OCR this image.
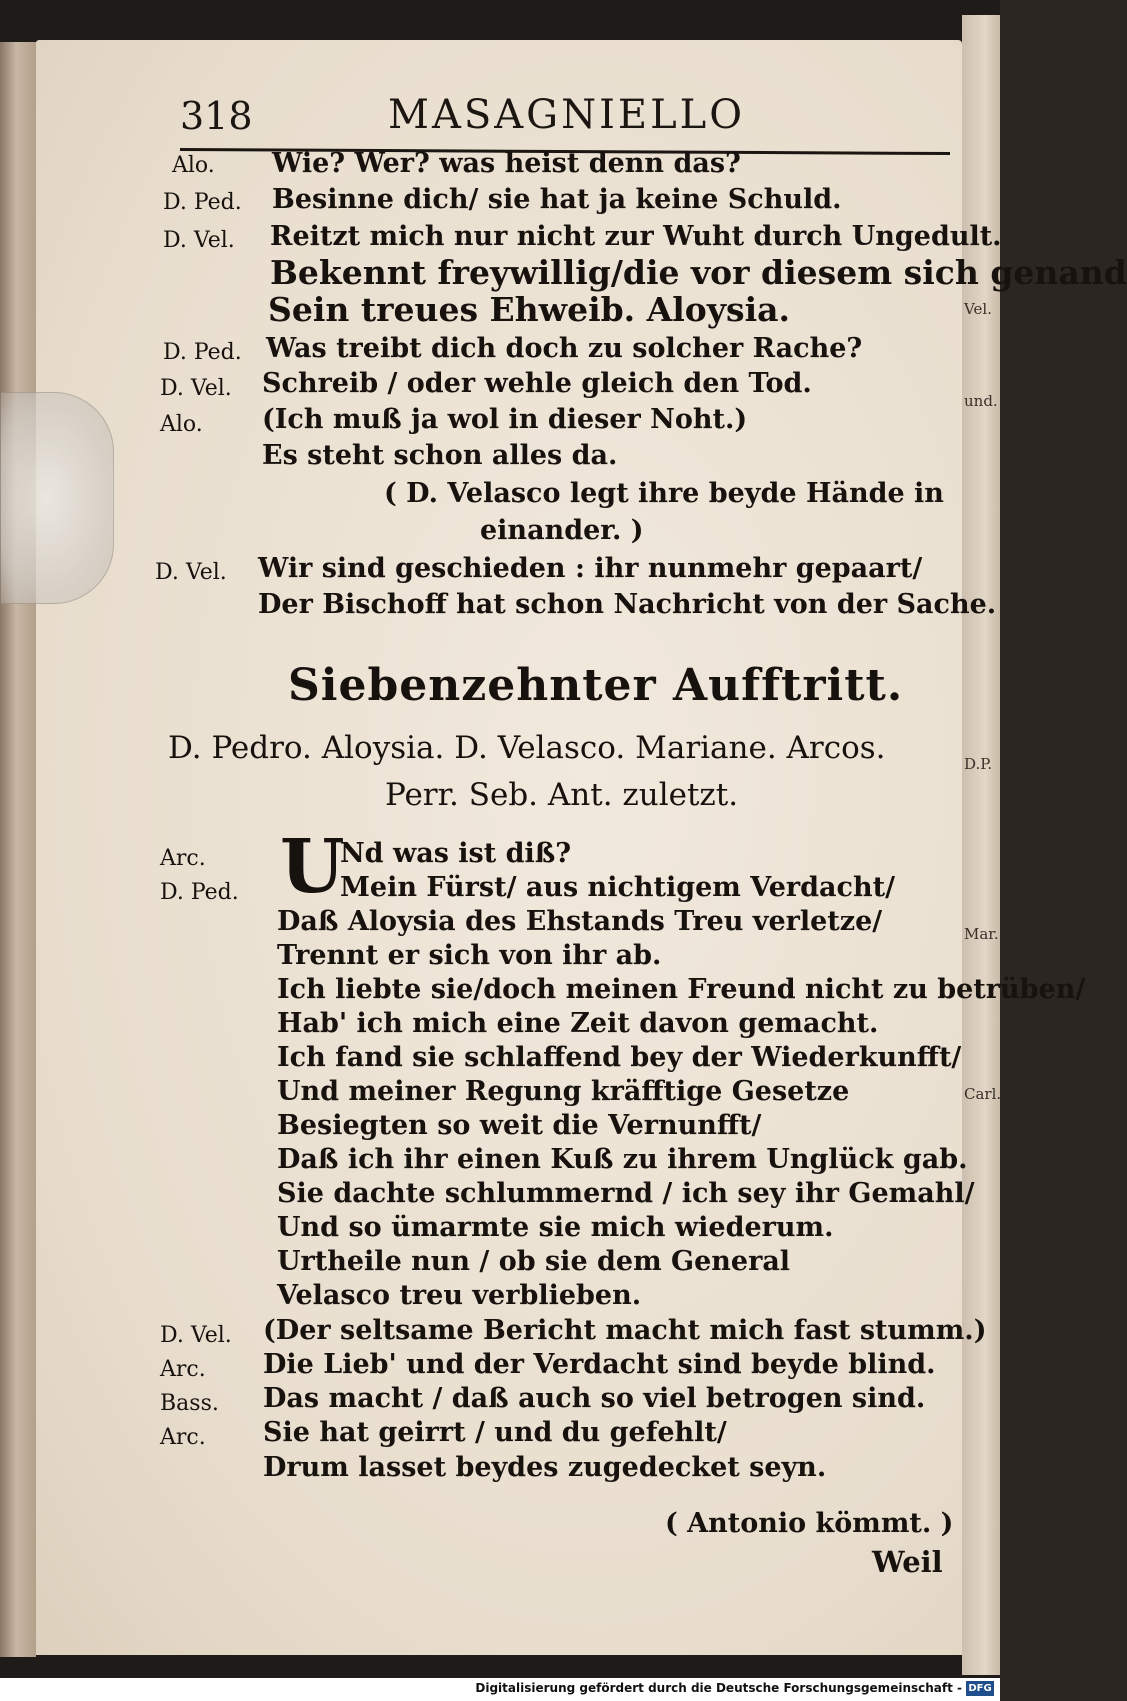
Vel.
und.
D.P.
Mar.
Carl.
318	MASAGNIELLO
Alo. Wie? Wer? was heist denn das?
D. Ped. Besinne dich/ sie hat ja keine Schuld.
D. Vel. Reitzt mich nur nicht zur Wuht durch Ungedult.
Bekennt freywillig/die vor diesem sich genand
Sein treues Ehweib. Aloysia.
D. Ped. Was treibt dich doch zu solcher Rache?
D. Vel. Schreib / oder wehle gleich den Tod.
Alo. (Ich muß ja wol in dieser Noht.)
Es steht schon alles da.
( D. Velasco legt ihre beyde Hände in
einander. )
D. Vel. Wir sind geschieden : ihr nunmehr gepaart/
Der Bischoff hat schon Nachricht von der Sache.
Siebenzehnter Aufftritt.
D. Pedro. Aloysia. D. Velasco. Mariane. Arcos.
Perr. Seb. Ant. zuletzt.
U
Arc.	Nd was ist diß?
D. Ped.	Mein Fürst/ aus nichtigem Verdacht/
Daß Aloysia des Ehstands Treu verletze/
Trennt er sich von ihr ab.
Ich liebte sie/doch meinen Freund nicht zu betrüben/
Hab' ich mich eine Zeit davon gemacht.
Ich fand sie schlaffend bey der Wiederkunfft/
Und meiner Regung kräfftige Gesetze
Besiegten so weit die Vernunfft/
Daß ich ihr einen Kuß zu ihrem Unglück gab.
Sie dachte schlummernd / ich sey ihr Gemahl/
Und so ümarmte sie mich wiederum.
Urtheile nun / ob sie dem General
Velasco treu verblieben.
D. Vel. (Der seltsame Bericht macht mich fast stumm.)
Arc. Die Lieb' und der Verdacht sind beyde blind.
Bass. Das macht / daß auch so viel betrogen sind.
Arc. Sie hat geirrt / und du gefehlt/
Drum lasset beydes zugedecket seyn.
( Antonio kömmt. )
Weil
Digitalisierung gefördert durch die Deutsche Forschungsgemeinschaft - DFG
